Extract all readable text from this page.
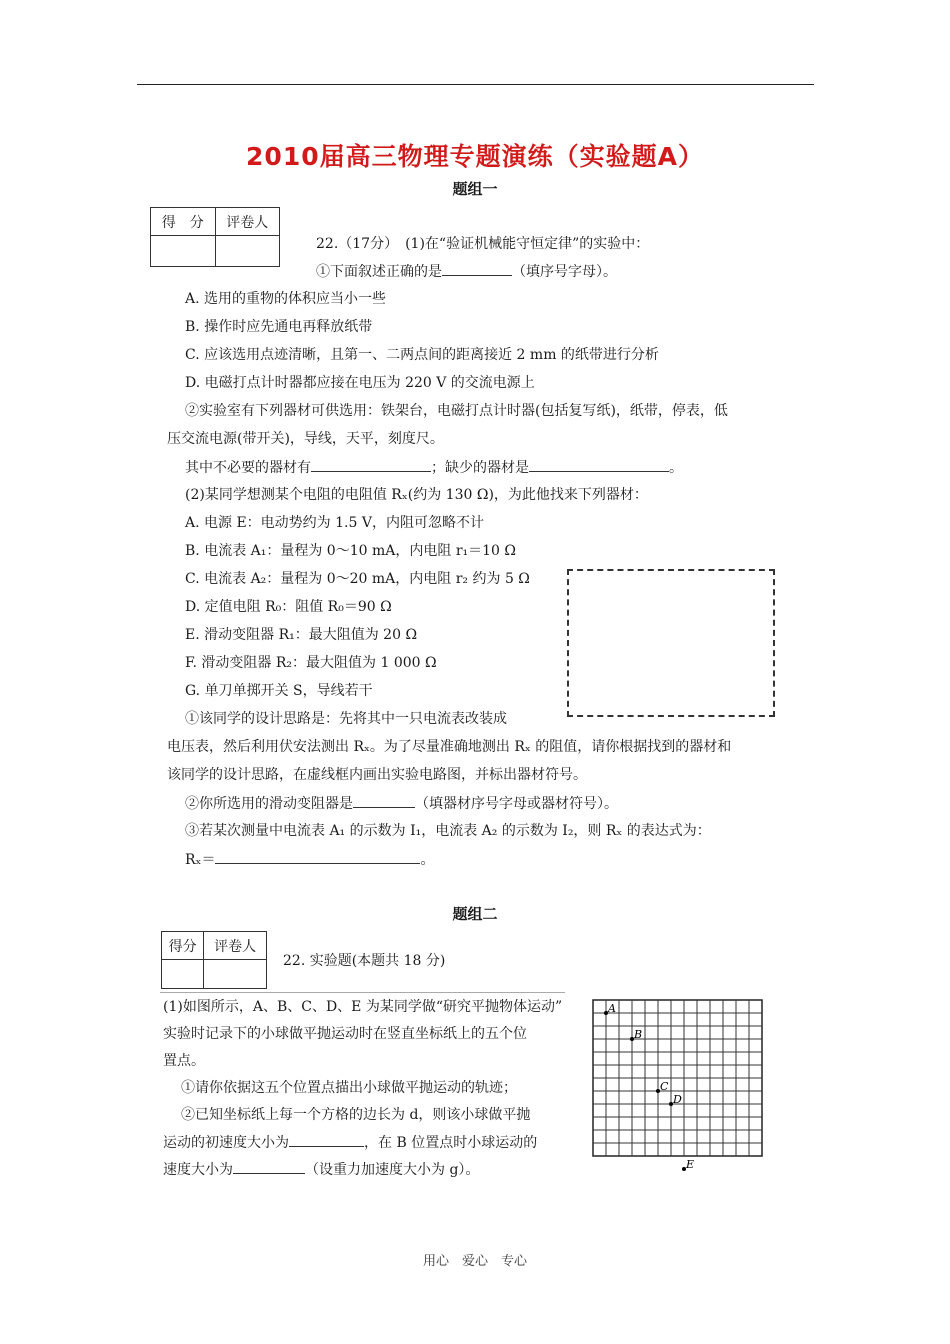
2010届高三物理专题演练（实验题A）
题组一
得　分	评卷人

22.（17分）　(1)在“验证机械能守恒定律”的实验中：
①下面叙述正确的是	（填序号字母）。
A. 选用的重物的体积应当小一些
B. 操作时应先通电再释放纸带
C. 应该选用点迹清晰，且第一、二两点间的距离接近 2 mm 的纸带进行分析
D. 电磁打点计时器都应接在电压为 220 V 的交流电源上
②实验室有下列器材可供选用：铁架台，电磁打点计时器(包括复写纸)，纸带，停表，低
压交流电源(带开关)，导线，天平，刻度尺。
其中不必要的器材有	；缺少的器材是	。
(2)某同学想测某个电阻的电阻值 Rₓ(约为 130 Ω)，为此他找来下列器材：
A. 电源 E：电动势约为 1.5 V，内阻可忽略不计
B. 电流表 A₁：量程为 0～10 mA，内电阻 r₁＝10 Ω
C. 电流表 A₂：量程为 0～20 mA，内电阻 r₂ 约为 5 Ω
D. 定值电阻 R₀：阻值 R₀＝90 Ω
E. 滑动变阻器 R₁：最大阻值为 20 Ω
F. 滑动变阻器 R₂：最大阻值为 1 000 Ω
G. 单刀单掷开关 S，导线若干
①该同学的设计思路是：先将其中一只电流表改装成
电压表，然后利用伏安法测出 Rₓ。为了尽量准确地测出 Rₓ 的阻值，请你根据找到的器材和
该同学的设计思路，在虚线框内画出实验电路图，并标出器材符号。
②你所选用的滑动变阻器是	（填器材序号字母或器材符号）。
③若某次测量中电流表 A₁ 的示数为 I₁，电流表 A₂ 的示数为 I₂，则 Rₓ 的表达式为：
Rₓ＝	。
题组二
得分	评卷人

22. 实验题(本题共 18 分)
(1)如图所示，A、B、C、D、E 为某同学做“研究平抛物体运动”
实验时记录下的小球做平抛运动时在竖直坐标纸上的五个位
置点。
①请你依据这五个位置点描出小球做平抛运动的轨迹；
②已知坐标纸上每一个方格的边长为 d，则该小球做平抛
运动的初速度大小为	，在 B 位置点时小球运动的
速度大小为	（设重力加速度大小为 g）。
A
B
C
D
E
用心　爱心　专心
